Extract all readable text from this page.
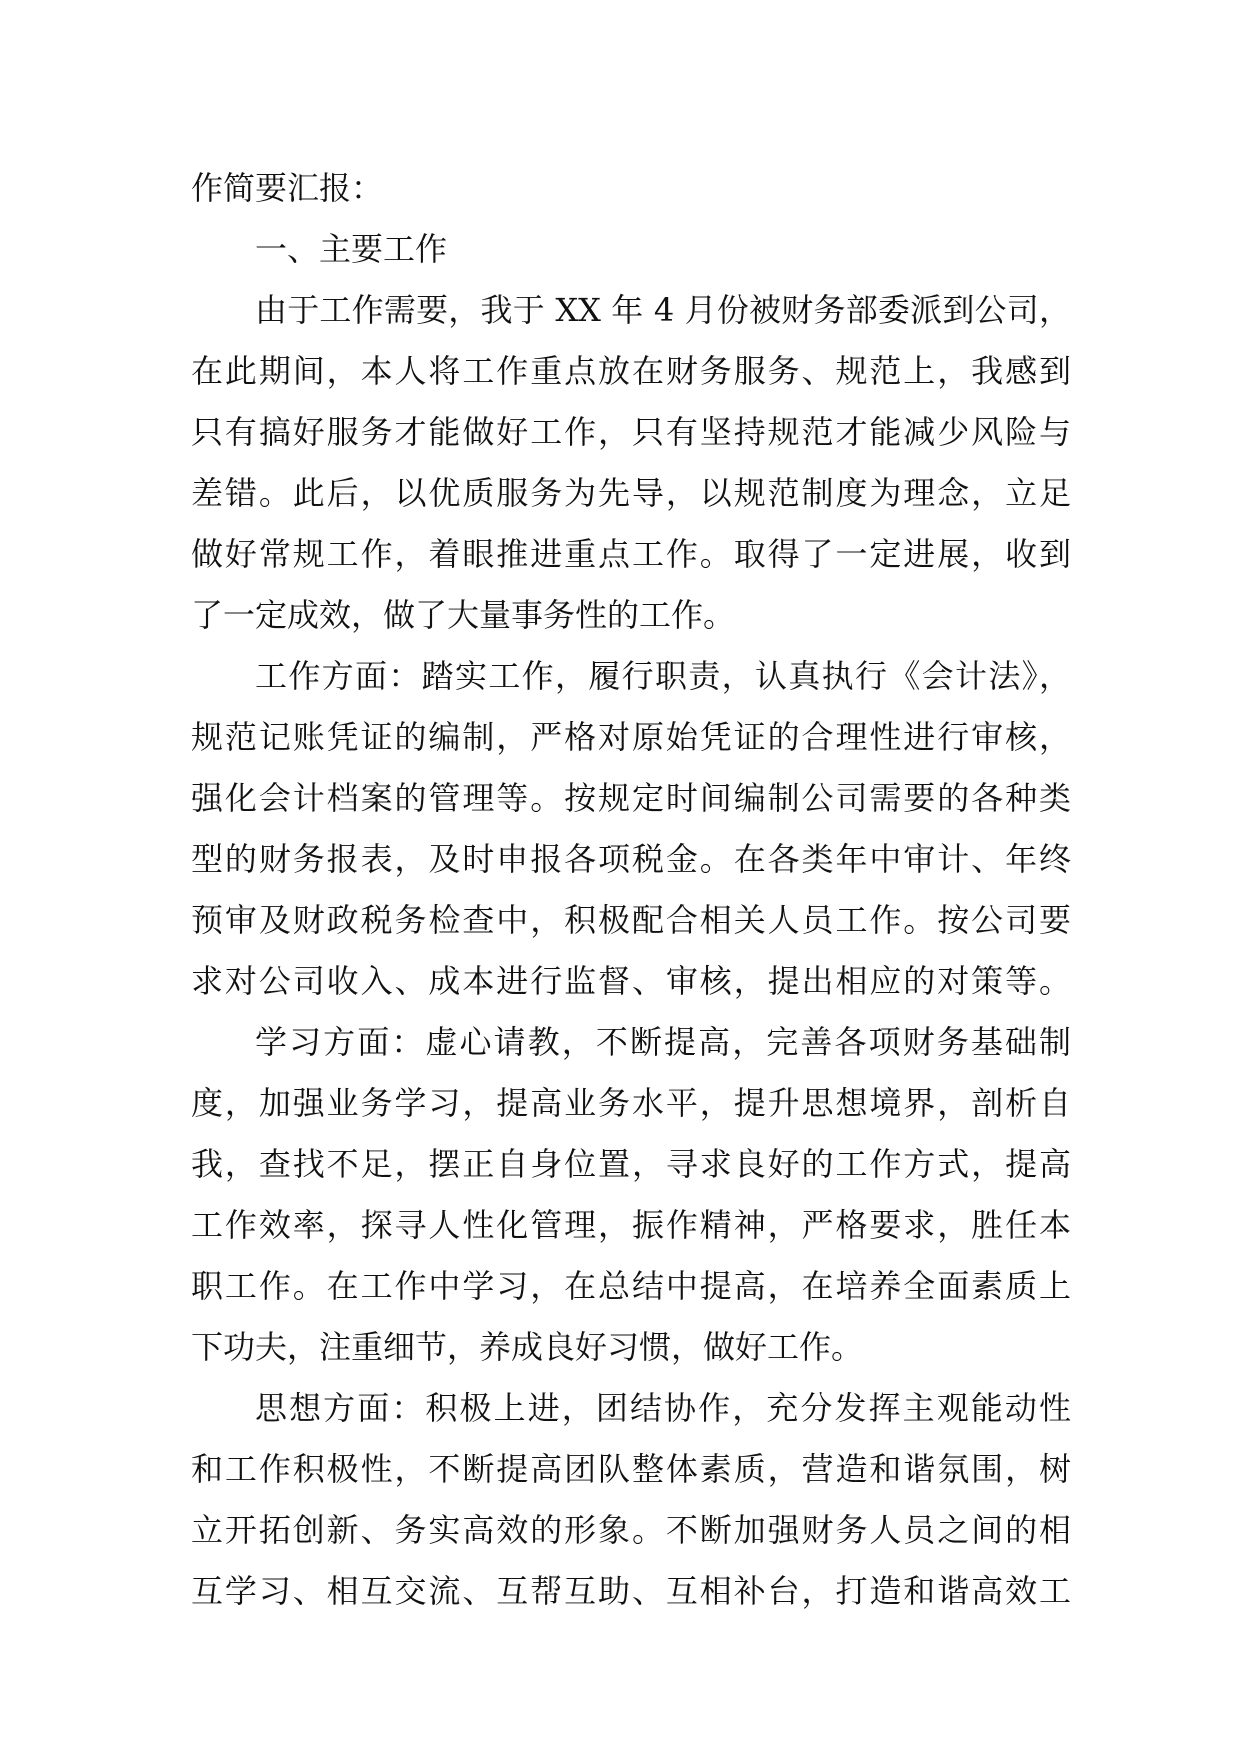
作简要汇报：
一、主要工作
由于工作需要，我于 XX 年 4 月份被财务部委派到公司，
在此期间，本人将工作重点放在财务服务、规范上，我感到
只有搞好服务才能做好工作，只有坚持规范才能减少风险与
差错。此后，以优质服务为先导，以规范制度为理念，立足
做好常规工作，着眼推进重点工作。取得了一定进展，收到
了一定成效，做了大量事务性的工作。
工作方面：踏实工作，履行职责，认真执行《会计法》，
规范记账凭证的编制，严格对原始凭证的合理性进行审核，
强化会计档案的管理等。按规定时间编制公司需要的各种类
型的财务报表，及时申报各项税金。在各类年中审计、年终
预审及财政税务检查中，积极配合相关人员工作。按公司要
求对公司收入、成本进行监督、审核，提出相应的对策等。
学习方面：虚心请教，不断提高，完善各项财务基础制
度，加强业务学习，提高业务水平，提升思想境界，剖析自
我，查找不足，摆正自身位置，寻求良好的工作方式，提高
工作效率，探寻人性化管理，振作精神，严格要求，胜任本
职工作。在工作中学习，在总结中提高，在培养全面素质上
下功夫，注重细节，养成良好习惯，做好工作。
思想方面：积极上进，团结协作，充分发挥主观能动性
和工作积极性，不断提高团队整体素质，营造和谐氛围，树
立开拓创新、务实高效的形象。不断加强财务人员之间的相
互学习、相互交流、互帮互助、互相补台，打造和谐高效工
